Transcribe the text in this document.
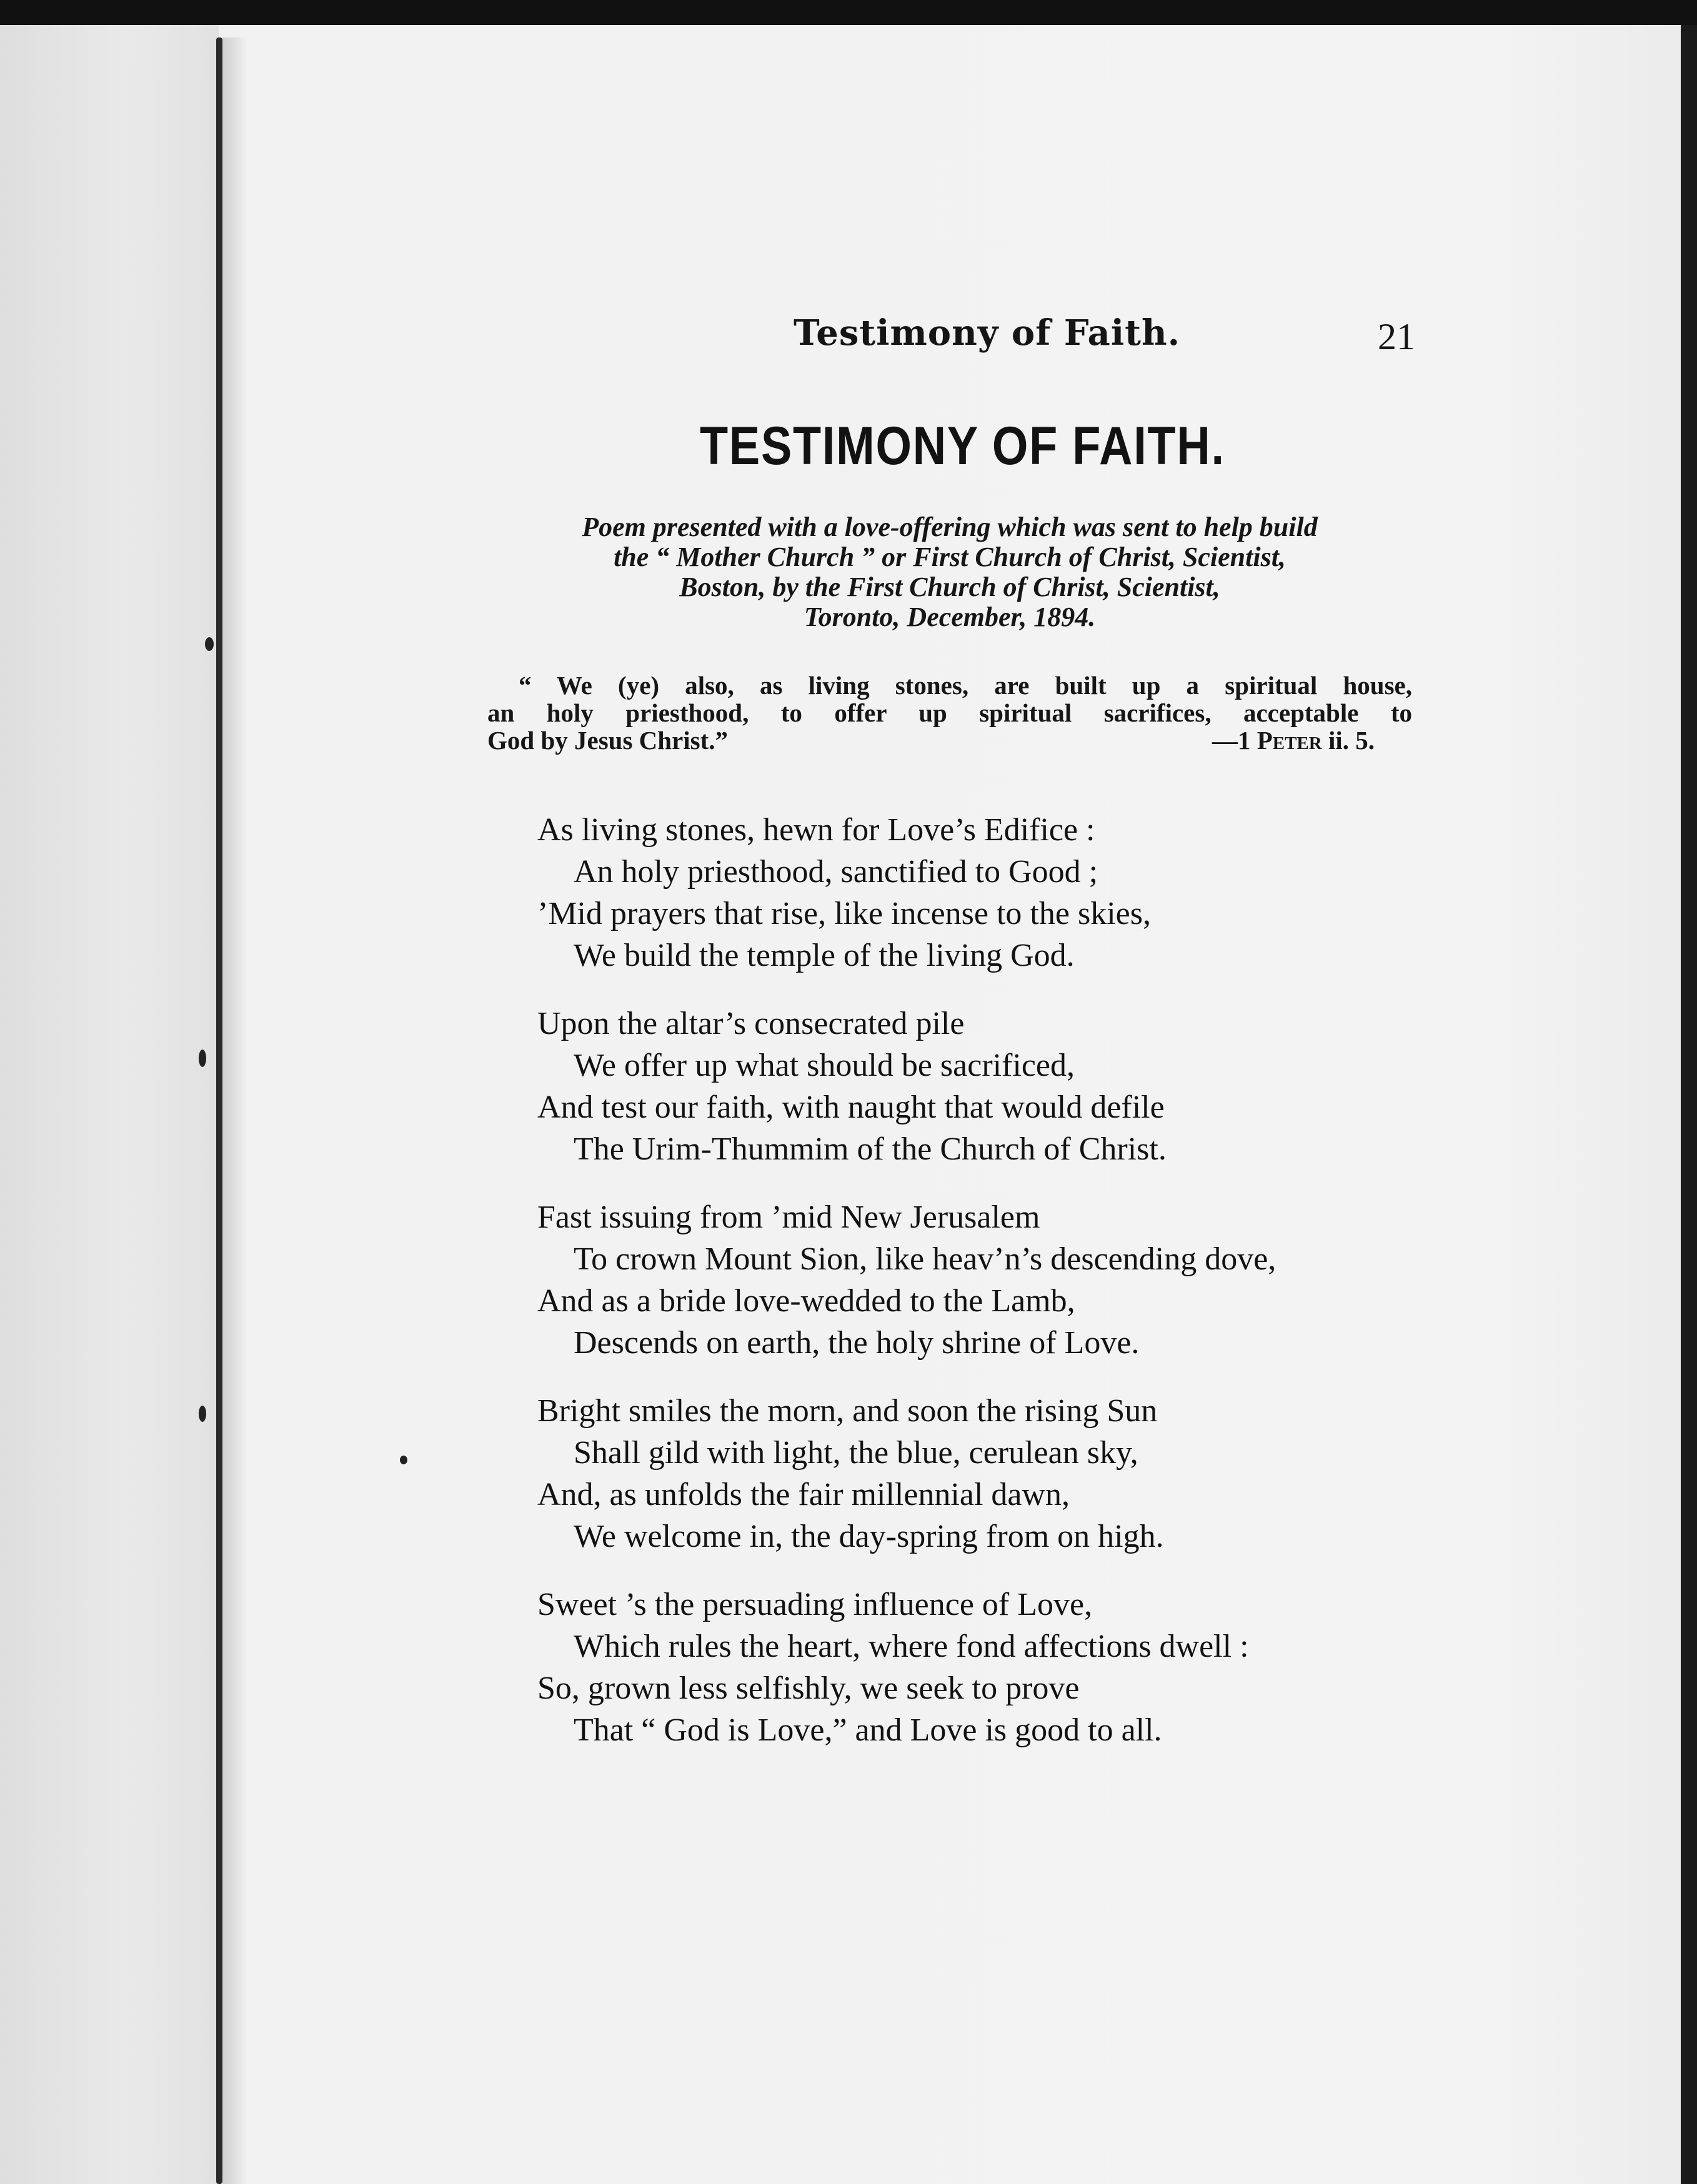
Testimony of Faith.	21
TESTIMONY OF FAITH.
Poem presented with a love-offering which was sent to help build
the “ Mother Church ” or First Church of Christ, Scientist,
Boston, by the First Church of Christ, Scientist,
Toronto, December, 1894.
“ We (ye) also, as living stones, are built up a spiritual house,
an holy priesthood, to offer up spiritual sacrifices, acceptable to
God by Jesus Christ.”	—1 Peter ii. 5.
As living stones, hewn for Love’s Edifice :
An holy priesthood, sanctified to Good ;
’Mid prayers that rise, like incense to the skies,
We build the temple of the living God.
Upon the altar’s consecrated pile
We offer up what should be sacrificed,
And test our faith, with naught that would defile
The Urim-Thummim of the Church of Christ.
Fast issuing from ’mid New Jerusalem
To crown Mount Sion, like heav’n’s descending dove,
And as a bride love-wedded to the Lamb,
Descends on earth, the holy shrine of Love.
Bright smiles the morn, and soon the rising Sun
Shall gild with light, the blue, cerulean sky,
And, as unfolds the fair millennial dawn,
We welcome in, the day-spring from on high.
Sweet ’s the persuading influence of Love,
Which rules the heart, where fond affections dwell :
So, grown less selfishly, we seek to prove
That “ God is Love,” and Love is good to all.
